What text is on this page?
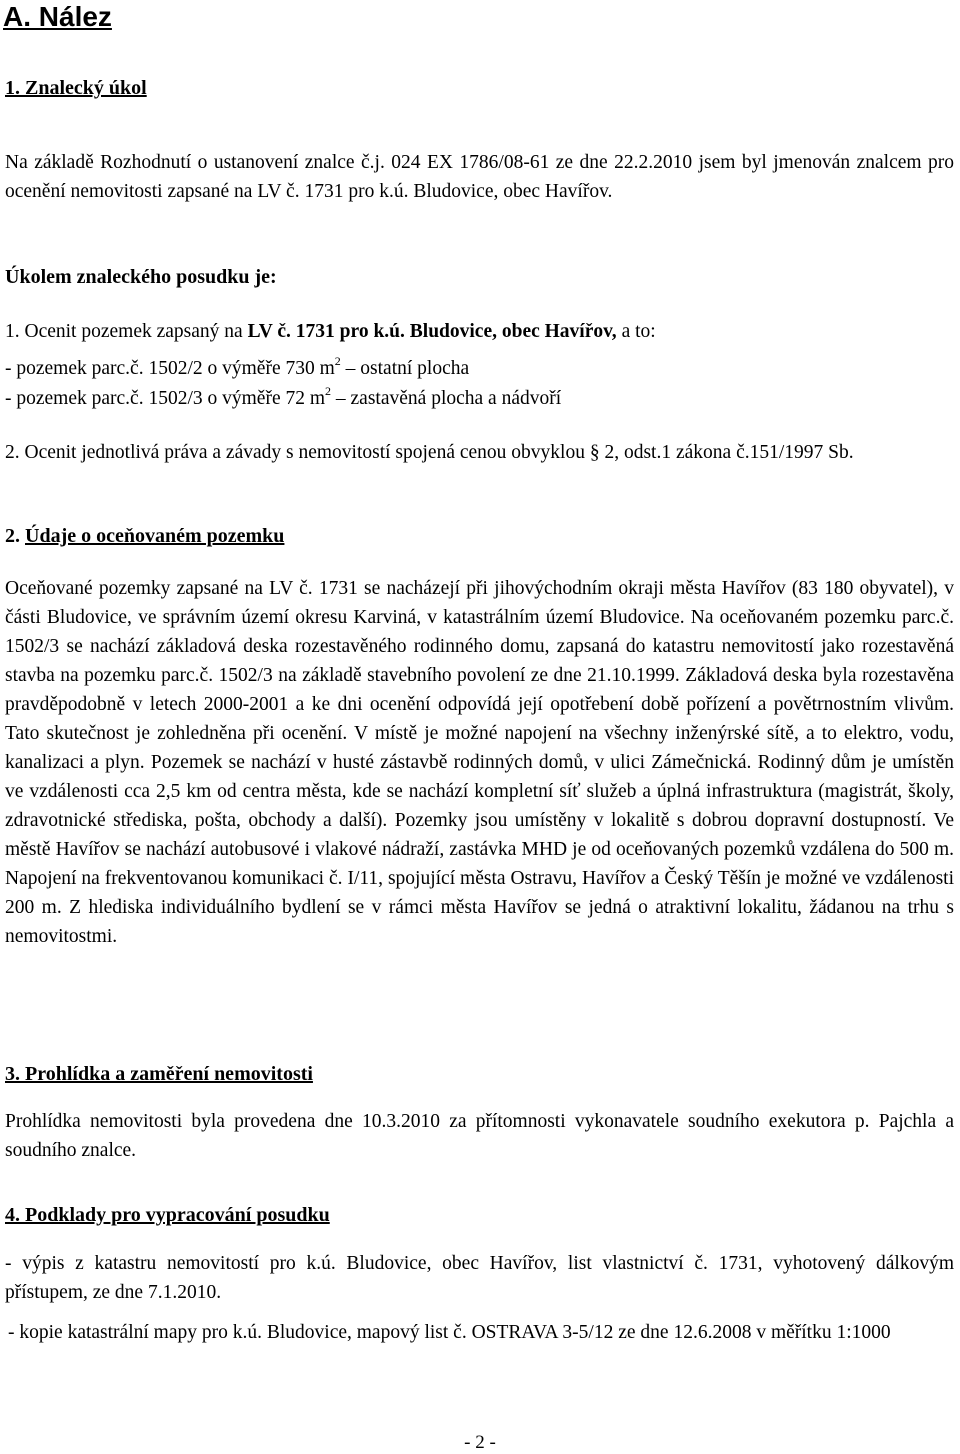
A. Nález
1. Znalecký úkol

Na základě Rozhodnutí o ustanovení znalce č.j. 024 EX 1786/08-61 ze dne 22.2.2010 jsem byl jmenován znalcem pro ocenění nemovitosti zapsané na LV č. 1731 pro k.ú. Bludovice, obec Havířov.

Úkolem znaleckého posudku je:
1. Ocenit pozemek zapsaný na LV č. 1731 pro k.ú. Bludovice, obec Havířov, a to:
- pozemek parc.č. 1502/2 o výměře 730 $m^2$ – ostatní plocha
- pozemek parc.č. 1502/3 o výměře 72 $m^2$ – zastavěná plocha a nádvoří

2. Ocenit jednotlivá práva a závady s nemovitostí spojená cenou obvyklou § 2, odst.1 zákona č.151/1997 Sb.

2. Údaje o oceňovaném pozemku

Oceňované pozemky zapsané na LV č. 1731 se nacházejí při jihovýchodním okraji města Havířov (83 180 obyvatel), v části Bludovice, ve správním území okresu Karviná, v katastrálním území Bludovice. Na oceňovaném pozemku parc.č. 1502/3 se nachází základová deska rozestavěného rodinného domu, zapsaná do katastru nemovitostí jako rozestavěná stavba na pozemku parc.č. 1502/3 na základě stavebního povolení ze dne 21.10.1999. Základová deska byla rozestavěna pravděpodobně v letech 2000-2001 a ke dni ocenění odpovídá její opotřebení době pořízení a povětrnostním vlivům. Tato skutečnost je zohledněna při ocenění. V místě je možné napojení na všechny inženýrské sítě, a to elektro, vodu, kanalizaci a plyn. Pozemek se nachází v husté zástavbě rodinných domů, v ulici Zámečnická. Rodinný dům je umístěn ve vzdálenosti cca 2,5 km od centra města, kde se nachází kompletní síť služeb a úplná infrastruktura (magistrát, školy, zdravotnické střediska, pošta, obchody a další). Pozemky jsou umístěny v lokalitě s dobrou dopravní dostupností. Ve městě Havířov se nachází autobusové i vlakové nádraží, zastávka MHD je od oceňovaných pozemků vzdálena do 500 m. Napojení na frekventovanou komunikaci č. I/11, spojující města Ostravu, Havířov a Český Těšín je možné ve vzdálenosti 200 m. Z hlediska individuálního bydlení se v rámci města Havířov se jedná o atraktivní lokalitu, žádanou na trhu s nemovitostmi.

3. Prohlídka a zaměření nemovitosti

Prohlídka nemovitosti byla provedena dne 10.3.2010 za přítomnosti vykonavatele soudního exekutora p. Pajchla a soudního znalce.

4. Podklady pro vypracování posudku

- výpis z katastru nemovitostí pro k.ú. Bludovice, obec Havířov, list vlastnictví č. 1731, vyhotovený dálkovým přístupem, ze dne 7.1.2010.

- kopie katastrální mapy pro k.ú. Bludovice, mapový list č. OSTRAVA 3-5/12 ze dne 12.6.2008 v měřítku 1:1000

- 2 -
